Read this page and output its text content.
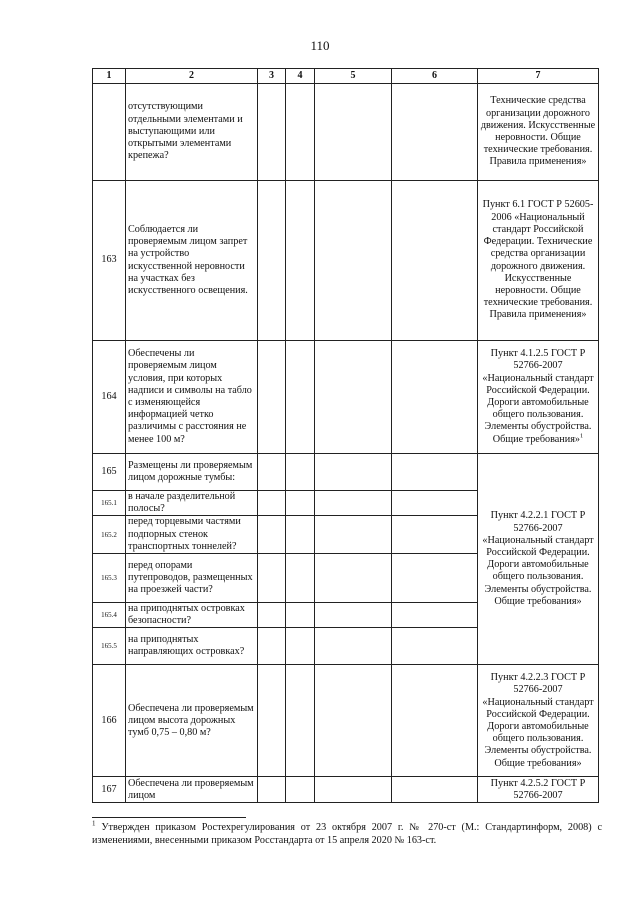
110
1	2	3	4	5	6	7
	отсутствующими отдельными элементами и выступающими или открытыми элементами крепежа?					Технические средства организации дорожного движения. Искусственные неровности. Общие технические требования. Правила применения»
163	Соблюдается ли проверяемым лицом запрет на устройство искусственной неровности на участках без искусственного освещения.					Пункт 6.1 ГОСТ Р 52605-2006 «Национальный стандарт Российской Федерации. Технические средства организации дорожного движения. Искусственные неровности. Общие технические требования. Правила применения»
164	Обеспечены ли проверяемым лицом условия, при которых надписи и символы на табло с изменяющейся информацией четко различимы с расстояния не менее 100 м?					Пункт 4.1.2.5 ГОСТ Р 52766-2007 «Национальный стандарт Российской Федерации. Дороги автомобильные общего пользования. Элементы обустройства. Общие требования»$^1$
165	Размещены ли проверяемым лицом дорожные тумбы:					Пункт 4.2.2.1 ГОСТ Р 52766-2007 «Национальный стандарт Российской Федерации. Дороги автомобильные общего пользования. Элементы обустройства. Общие требования»
165.1	в начале разделительной полосы?					
165.2	перед торцевыми частями подпорных стенок транспортных тоннелей?					
165.3	перед опорами путепроводов, размещенных на проезжей части?					
165.4	на приподнятых островках безопасности?					
165.5	на приподнятых направляющих островках?					
166	Обеспечена ли проверяемым лицом высота дорожных тумб 0,75 – 0,80 м?					Пункт 4.2.2.3 ГОСТ Р 52766-2007 «Национальный стандарт Российской Федерации. Дороги автомобильные общего пользования. Элементы обустройства. Общие требования»
167	Обеспечена ли проверяемым лицом					Пункт 4.2.5.2 ГОСТ Р 52766-2007
$^1$ Утвержден приказом Ростехрегулирования от 23 октября 2007 г. № 270-ст (М.: Стандартинформ, 2008) с изменениями, внесенными приказом Росстандарта от 15 апреля 2020 № 163-ст.
